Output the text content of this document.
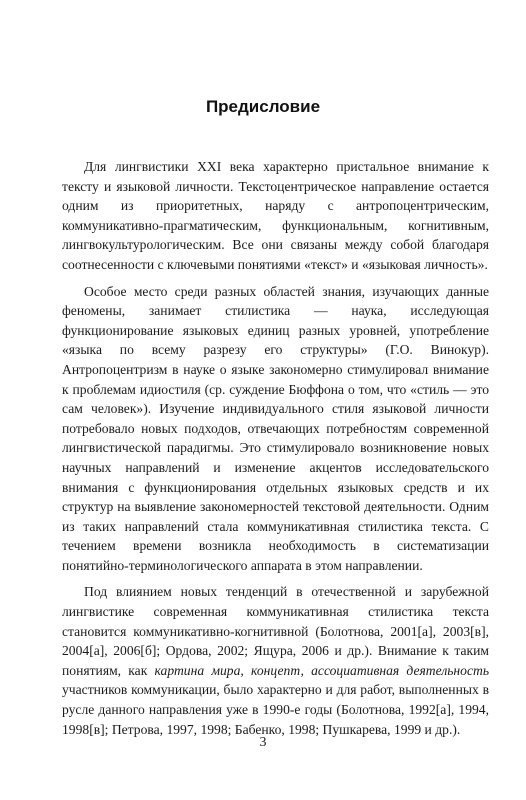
Предисловие

Для лингвистики XXI века характерно пристальное внимание к тексту и языковой личности. Текстоцентрическое направление остается одним из приоритетных, наряду с антропоцентрическим, коммуникативно-прагматическим, функциональным, когнитивным, лингвокультурологическим. Все они связаны между собой благодаря соотнесенности с ключевыми понятиями «текст» и «языковая личность».

Особое место среди разных областей знания, изучающих данные феномены, занимает стилистика — наука, исследующая функционирование языковых единиц разных уровней, употребление «языка по всему разрезу его структуры» (Г.О. Винокур). Антропоцентризм в науке о языке закономерно стимулировал внимание к проблемам идиостиля (ср. суждение Бюффона о том, что «стиль — это сам человек»). Изучение индивидуального стиля языковой личности потребовало новых подходов, отвечающих потребностям современной лингвистической парадигмы. Это стимулировало возникновение новых научных направлений и изменение акцентов исследовательского внимания с функционирования отдельных языковых средств и их структур на выявление закономерностей текстовой деятельности. Одним из таких направлений стала коммуникативная стилистика текста. С течением времени возникла необходимость в систематизации понятийно-терминологического аппарата в этом направлении.

Под влиянием новых тенденций в отечественной и зарубежной лингвистике современная коммуникативная стилистика текста становится коммуникативно-когнитивной (Болотнова, 2001[а], 2003[в], 2004[а], 2006[б]; Ордова, 2002; Ящура, 2006 и др.). Внимание к таким понятиям, как картина мира, концепт, ассоциативная деятельность участников коммуникации, было характерно и для работ, выполненных в русле данного направления уже в 1990-е годы (Болотнова, 1992[а], 1994, 1998[в]; Петрова, 1997, 1998; Бабенко, 1998; Пушкарева, 1999 и др.).

3
